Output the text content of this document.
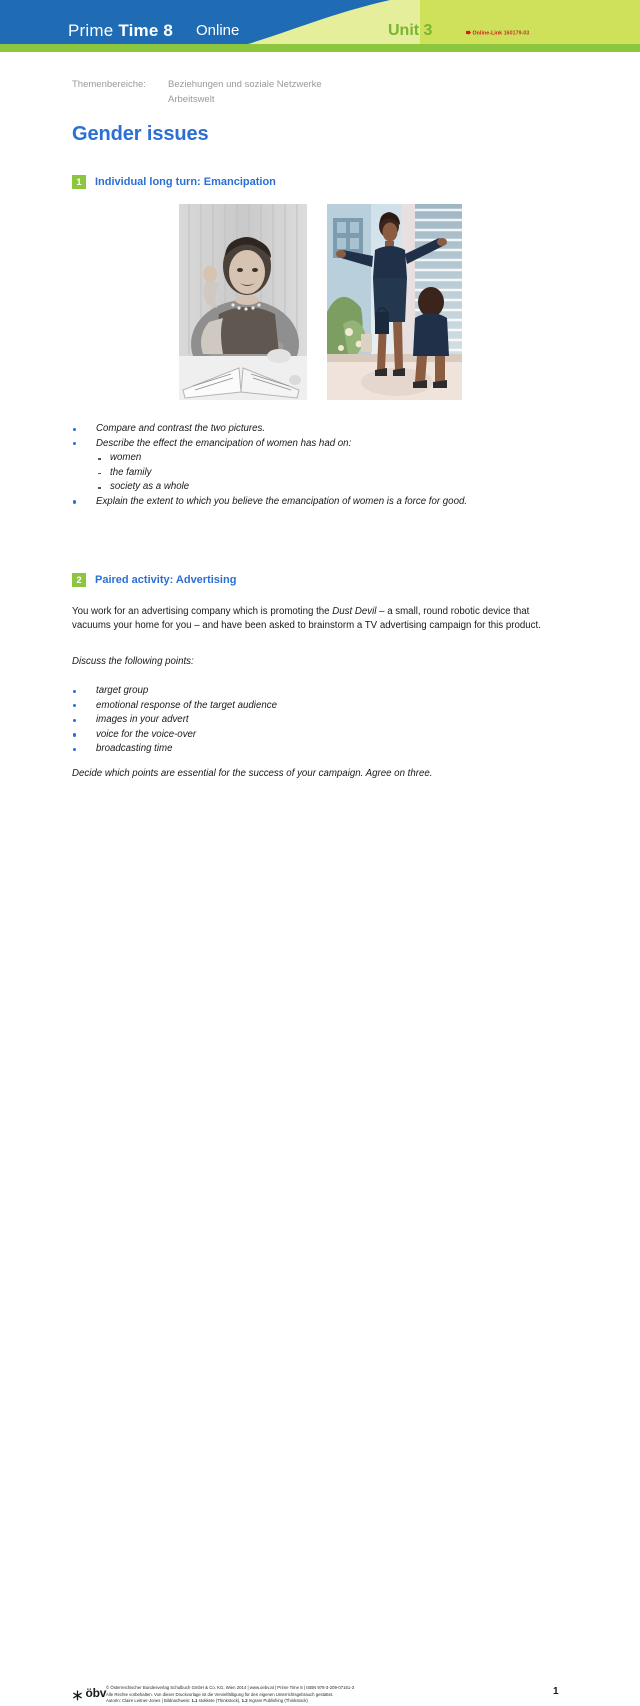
Prime Time 8 Online	Unit 3	Online-Link 160179-03
Themenbereiche: Beziehungen und soziale Netzwerke
Arbeitswelt
Gender issues
1	Individual long turn: Emancipation
Compare and contrast the two pictures.
Describe the effect the emancipation of women has had on:
women
the family
society as a whole
Explain the extent to which you believe the emancipation of women is a force for good.
2	Paired activity: Advertising
You work for an advertising company which is promoting the Dust Devil – a small, round robotic device that vacuums your home for you – and have been asked to brainstorm a TV advertising campaign for this product.
Discuss the following points:
target group
emotional response of the target audience
images in your advert
voice for the voice-over
broadcasting time
Decide which points are essential for the success of your campaign. Agree on three.
öbv © Österreichischer Bundesverlag Schulbuch GmbH & Co. KG, Wien 2014 | www.oebv.at | Prime Time 8 | ISBN 978-3-209-07161-3
Alle Rechte vorbehalten. Von dieser Druckvorlage ist die Vervielfältigung für den eigenen Unterrichtsgebrauch gestattet.
Autorin: Claire Leitner-Jones | Bildnachweis: 1.1 stokkete (Thinkstock), 1.2 Ingram Publishing (Thinkstock)
1
